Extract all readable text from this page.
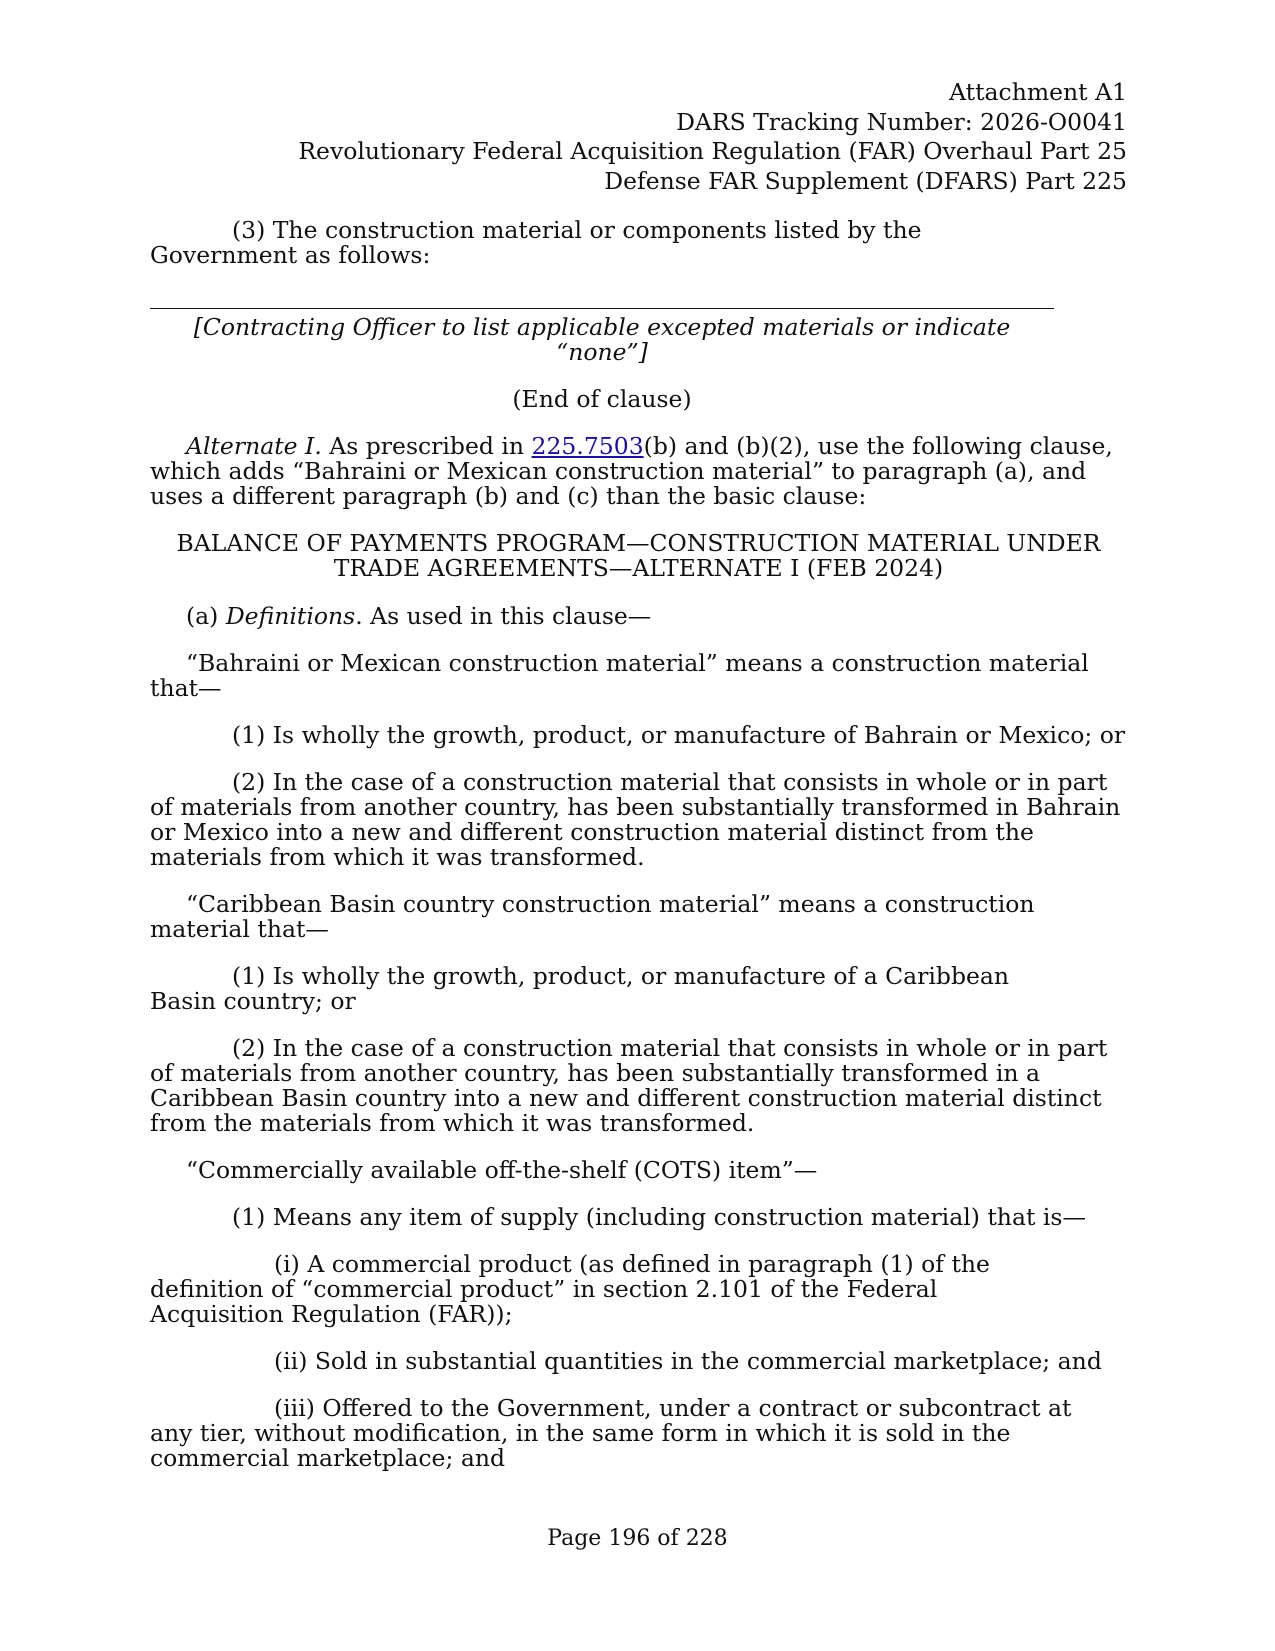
Attachment A1
DARS Tracking Number: 2026-O0041
Revolutionary Federal Acquisition Regulation (FAR) Overhaul Part 25
Defense FAR Supplement (DFARS) Part 225
(3) The construction material or components listed by the Government as follows:
[Contracting Officer to list applicable excepted materials or indicate “none”]
(End of clause)
Alternate I. As prescribed in 225.7503(b) and (b)(2), use the following clause, which adds “Bahraini or Mexican construction material” to paragraph (a), and uses a different paragraph (b) and (c) than the basic clause:
BALANCE OF PAYMENTS PROGRAM—CONSTRUCTION MATERIAL UNDER
TRADE AGREEMENTS—ALTERNATE I (FEB 2024)
(a) Definitions. As used in this clause—
“Bahraini or Mexican construction material” means a construction material that—
(1) Is wholly the growth, product, or manufacture of Bahrain or Mexico; or
(2) In the case of a construction material that consists in whole or in part of materials from another country, has been substantially transformed in Bahrain or Mexico into a new and different construction material distinct from the materials from which it was transformed.
“Caribbean Basin country construction material” means a construction material that—
(1) Is wholly the growth, product, or manufacture of a Caribbean Basin country; or
(2) In the case of a construction material that consists in whole or in part of materials from another country, has been substantially transformed in a Caribbean Basin country into a new and different construction material distinct from the materials from which it was transformed.
“Commercially available off-the-shelf (COTS) item”—
(1) Means any item of supply (including construction material) that is—
(i) A commercial product (as defined in paragraph (1) of the definition of “commercial product” in section 2.101 of the Federal Acquisition Regulation (FAR));
(ii) Sold in substantial quantities in the commercial marketplace; and
(iii) Offered to the Government, under a contract or subcontract at any tier, without modification, in the same form in which it is sold in the commercial marketplace; and
Page 196 of 228
